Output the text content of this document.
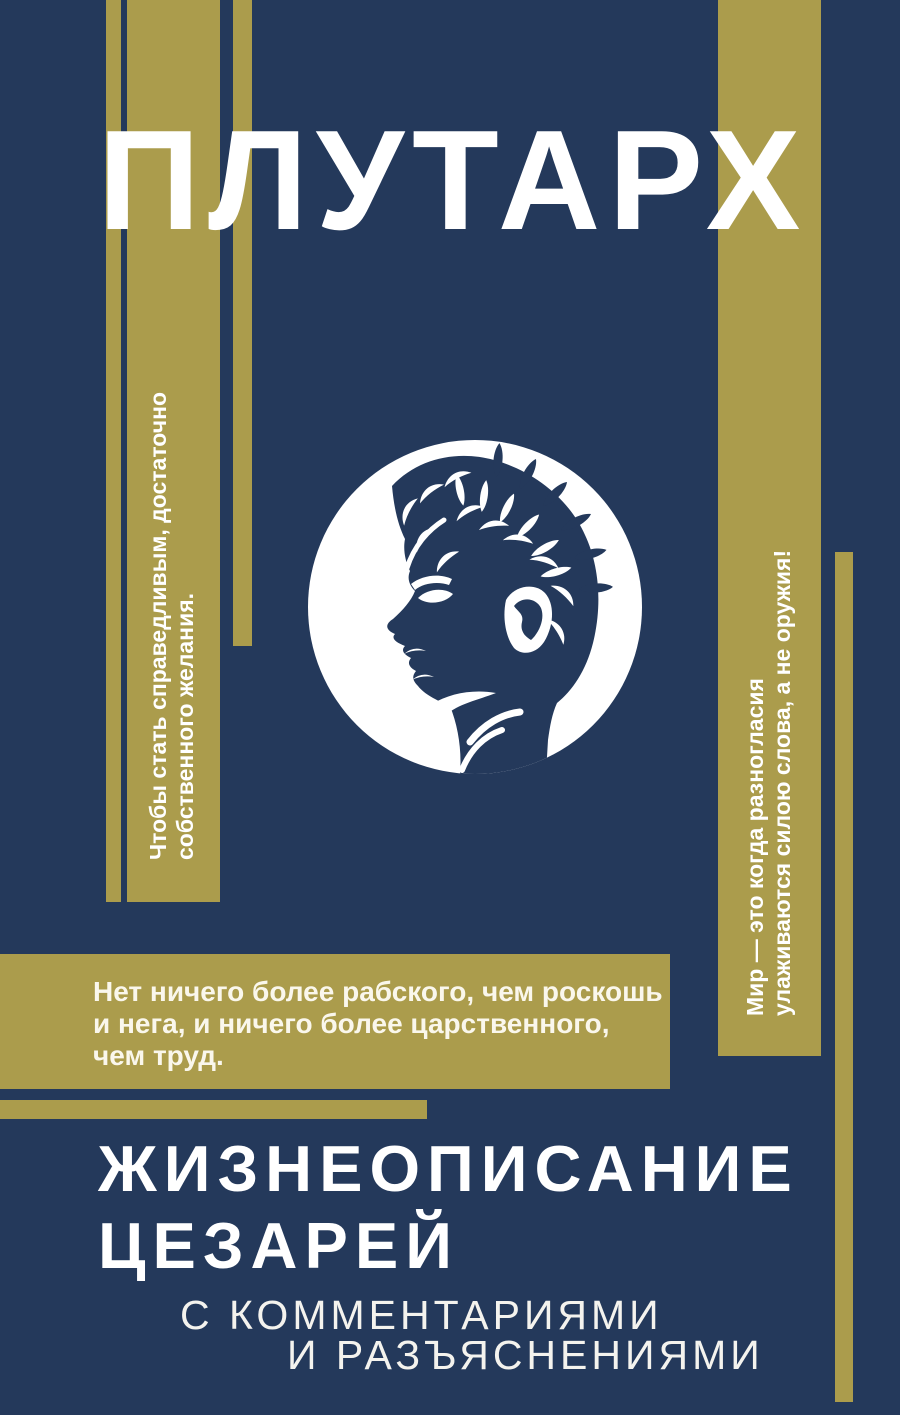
ПЛУТАРХ
Чтобы стать справедливым, достаточно собственного желания.	Мир — это когда разногласия улаживаются силою слова, а не оружия!
Нет ничего более рабского, чем роскошь
и нега, и ничего более царственного,
чем труд.
ЖИЗНЕОПИСАНИЕ
ЦЕЗАРЕЙ
С КОММЕНТАРИЯМИ
И РАЗЪЯСНЕНИЯМИ
